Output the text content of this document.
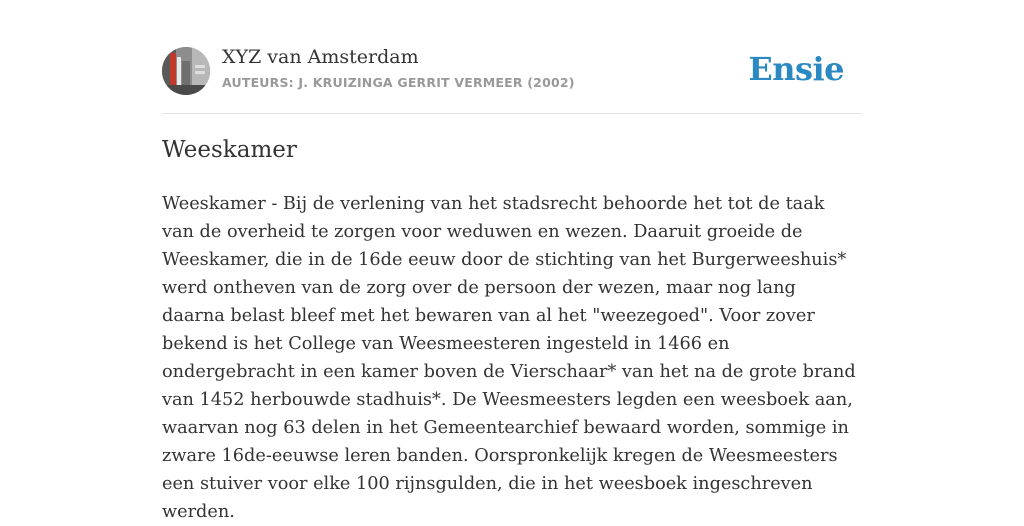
XYZ van Amsterdam
AUTEURS: J. KRUIZINGA GERRIT VERMEER (2002)	Ensie
Weeskamer

Weeskamer - Bij de verlening van het stadsrecht behoorde het tot de taak van de overheid te zorgen voor weduwen en wezen. Daaruit groeide de Weeskamer, die in de 16de eeuw door de stichting van het Burgerweeshuis* werd ontheven van de zorg over de persoon der wezen, maar nog lang daarna belast bleef met het bewaren van al het "weezegoed". Voor zover bekend is het College van Weesmeesteren ingesteld in 1466 en ondergebracht in een kamer boven de Vierschaar* van het na de grote brand van 1452 herbouwde stadhuis*. De Weesmeesters legden een weesboek aan, waarvan nog 63 delen in het Gemeentearchief bewaard worden, sommige in zware 16de-eeuwse leren banden. Oorspronkelijk kregen de Weesmeesters een stuiver voor elke 100 rijnsgulden, die in het weesboek ingeschreven werden.
